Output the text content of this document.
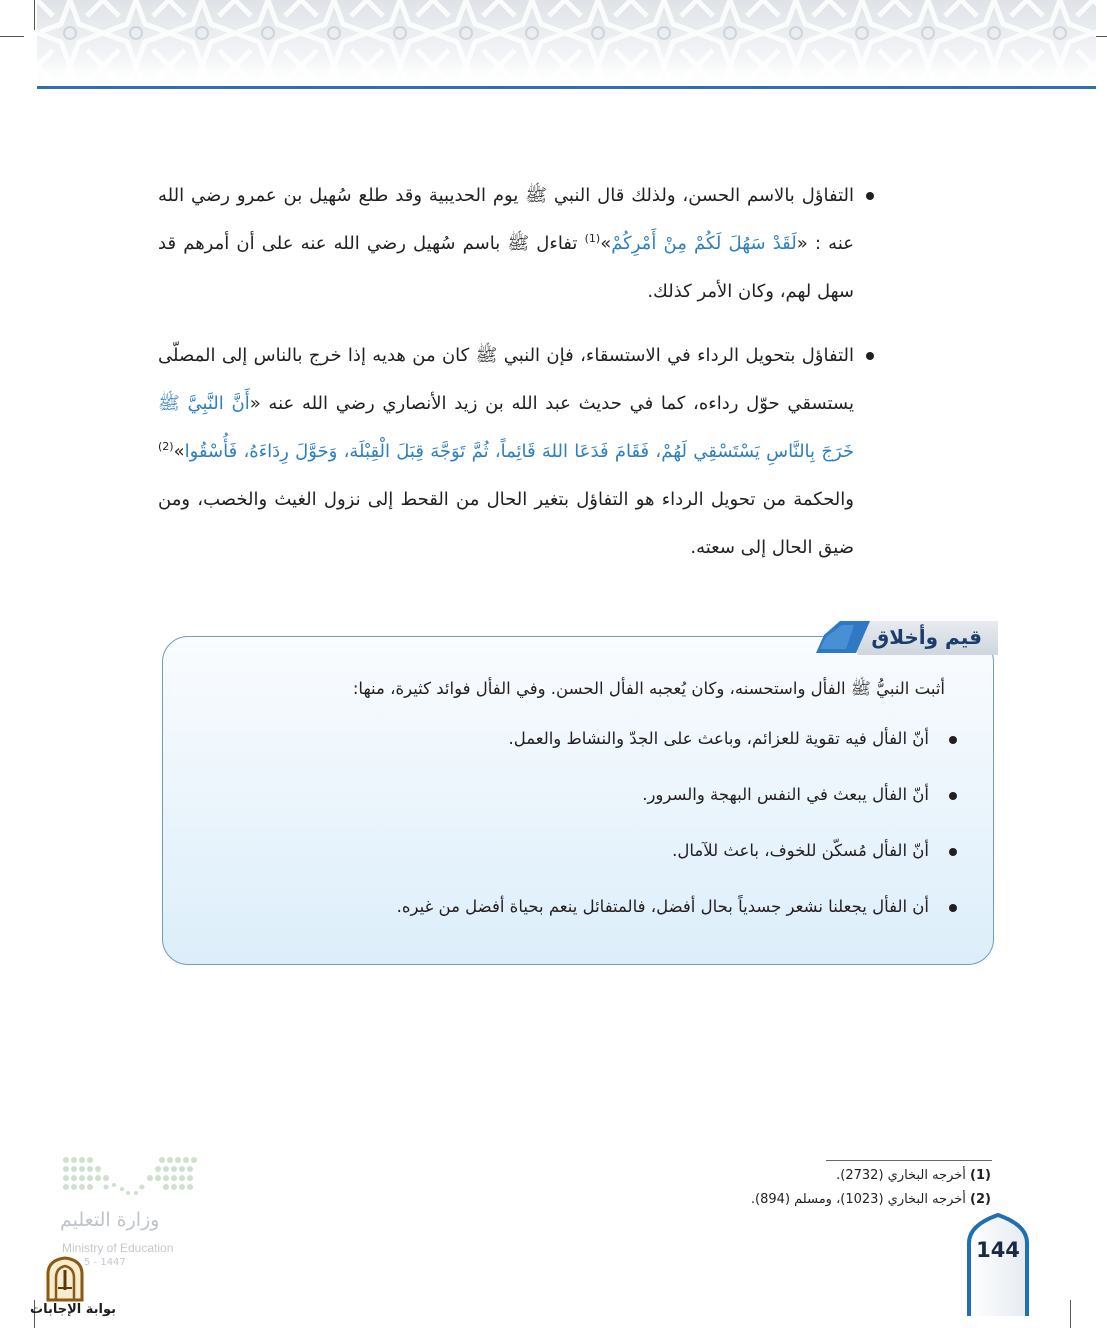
التفاؤل بالاسم الحسن، ولذلك قال النبي ﷺ يوم الحديبية وقد طلع سُهيل بن عمرو رضي الله عنه : «لَقَدْ سَهُلَ لَكُمْ مِنْ أَمْرِكُمْ»$^{(1)}$ تفاءل ﷺ باسم سُهيل رضي الله عنه على أن أمرهم قد سهل لهم، وكان الأمر كذلك.
التفاؤل بتحويل الرداء في الاستسقاء، فإن النبي ﷺ كان من هديه إذا خرج بالناس إلى المصلّى يستسقي حوّل رداءه، كما في حديث عبد الله بن زيد الأنصاري رضي الله عنه «أَنَّ النَّبِيَّ ﷺ خَرَجَ بِالنَّاسِ يَسْتَسْقِي لَهُمْ، فَقَامَ فَدَعَا اللهَ قَائِماً، ثُمَّ تَوَجَّهَ قِبَلَ الْقِبْلَة، وَحَوَّلَ رِدَاءَهُ، فَأُسْقُوا»$^{(2)}$ والحكمة من تحويل الرداء هو التفاؤل بتغير الحال من القحط إلى نزول الغيث والخصب، ومن ضيق الحال إلى سعته.
أثبت النبيُّ ﷺ الفأل واستحسنه، وكان يُعجبه الفأل الحسن. وفي الفأل فوائد كثيرة، منها:
أنّ الفأل فيه تقوية للعزائم، وباعث على الجدّ والنشاط والعمل.
أنّ الفأل يبعث في النفس البهجة والسرور.
أنّ الفأل مُسكّن للخوف، باعث للآمال.
أن الفأل يجعلنا نشعر جسدياً بحال أفضل، فالمتفائل ينعم بحياة أفضل من غيره.
قيم وأخلاق
(1) أخرجه البخاري (2732).
(2) أخرجه البخاري (1023)، ومسلم (894).
144
وزارة التعليم
Ministry of Education
5 - 1447
بوابة الإجابات
